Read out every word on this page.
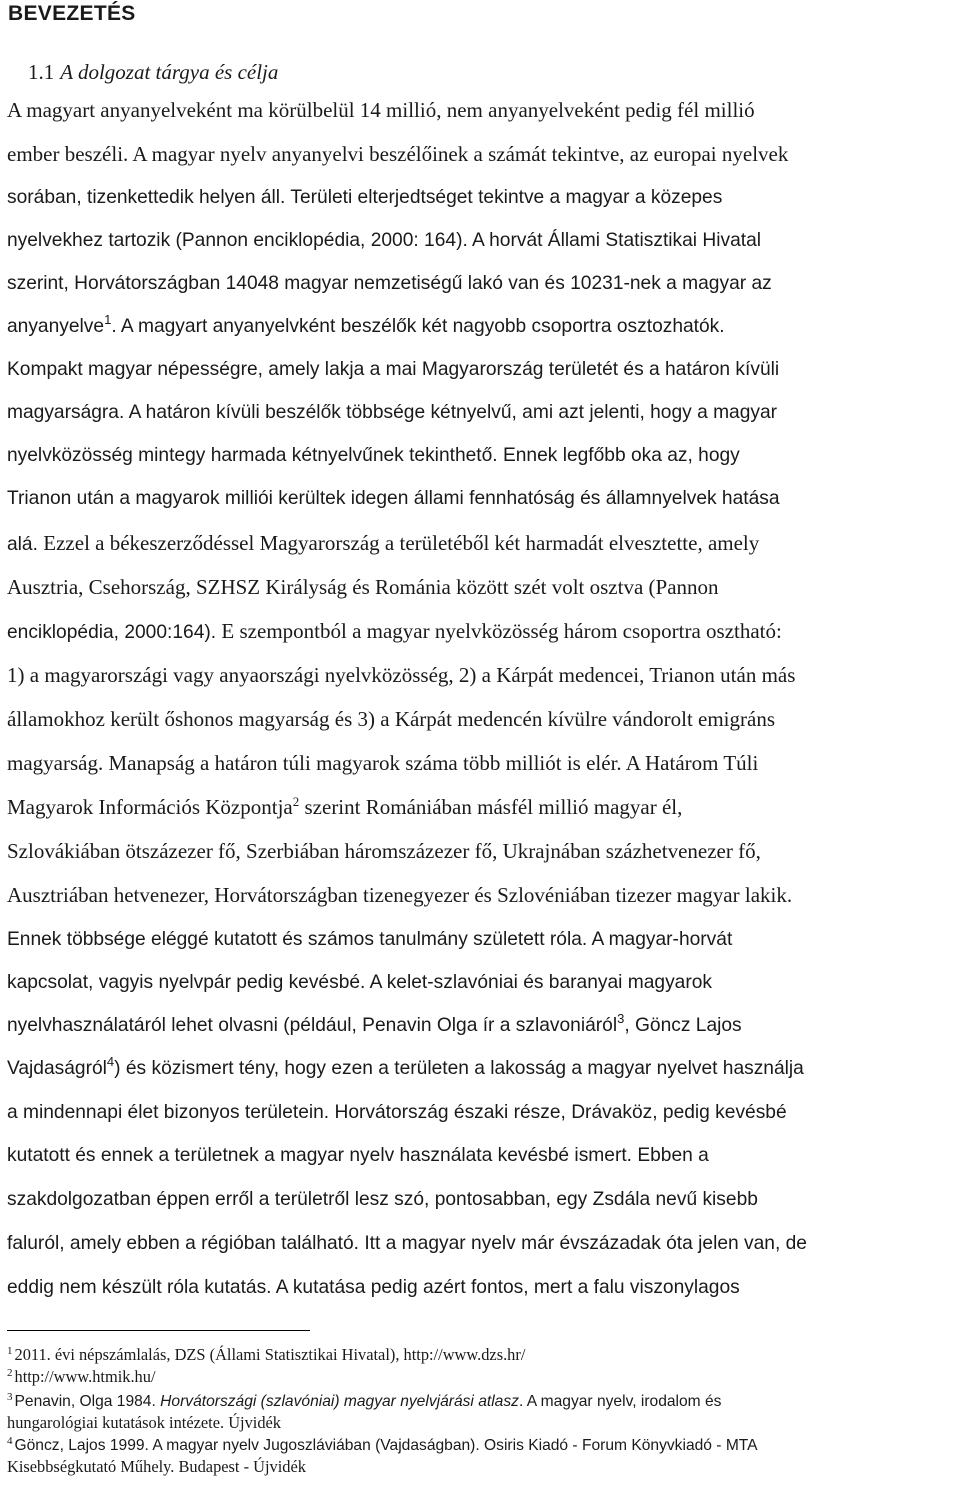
BEVEZETÉS
1.1 A dolgozat tárgya és célja
A magyart anyanyelveként ma körülbelül 14 millió, nem anyanyelveként pedig fél millió
ember beszéli. A magyar nyelv anyanyelvi beszélőinek a számát tekintve, az europai nyelvek
sorában, tizenkettedik helyen áll. Területi elterjedtséget tekintve a magyar a közepes
nyelvekhez tartozik (Pannon enciklopédia, 2000: 164). A horvát Állami Statisztikai Hivatal
szerint, Horvátországban 14048 magyar nemzetiségű lakó van és 10231-nek a magyar az
anyanyelve$^1$. A magyart anyanyelvként beszélők két nagyobb csoportra osztozhatók.
Kompakt magyar népességre, amely lakja a mai Magyarország területét és a határon kívüli
magyarságra. A határon kívüli beszélők többsége kétnyelvű, ami azt jelenti, hogy a magyar
nyelvközösség mintegy harmada kétnyelvűnek tekinthető. Ennek legfőbb oka az, hogy
Trianon után a magyarok milliói kerültek idegen állami fennhatóság és államnyelvek hatása
alá. Ezzel a békeszerződéssel Magyarország a területéből két harmadát elvesztette, amely
Ausztria, Csehország, SZHSZ Királyság és Románia között szét volt osztva (Pannon
enciklopédia, 2000:164). E szempontból a magyar nyelvközösség három csoportra osztható:
1) a magyarországi vagy anyaországi nyelvközösség, 2) a Kárpát medencei, Trianon után más
államokhoz került őshonos magyarság és 3) a Kárpát medencén kívülre vándorolt emigráns
magyarság. Manapság a határon túli magyarok száma több milliót is elér. A Határom Túli
Magyarok Információs Központja$^2$ szerint Romániában másfél millió magyar él,
Szlovákiában ötszázezer fő, Szerbiában háromszázezer fő, Ukrajnában százhetvenezer fő,
Ausztriában hetvenezer, Horvátországban tizenegyezer és Szlovéniában tizezer magyar lakik.
Ennek többsége eléggé kutatott és számos tanulmány született róla. A magyar-horvát
kapcsolat, vagyis nyelvpár pedig kevésbé. A kelet-szlavóniai és baranyai magyarok
nyelvhasználatáról lehet olvasni (például, Penavin Olga ír a szlavoniáról$^3$, Göncz Lajos
Vajdaságról$^4$) és közismert tény, hogy ezen a területen a lakosság a magyar nyelvet használja
a mindennapi élet bizonyos területein. Horvátország északi része, Drávaköz, pedig kevésbé
kutatott és ennek a területnek a magyar nyelv használata kevésbé ismert. Ebben a
szakdolgozatban éppen erről a területről lesz szó, pontosabban, egy Zsdála nevű kisebb
faluról, amely ebben a régióban található. Itt a magyar nyelv már évszázadak óta jelen van, de
eddig nem készült róla kutatás. A kutatása pedig azért fontos, mert a falu viszonylagos
$^1$ 2011. évi népszámlalás, DZS (Állami Statisztikai Hivatal), http://www.dzs.hr/
$^2$ http://www.htmik.hu/
$^3$ Penavin, Olga 1984. Horvátországi (szlavóniai) magyar nyelvjárási atlasz. A magyar nyelv, irodalom és
hungarológiai kutatások intézete. Újvidék
$^4$ Göncz, Lajos 1999. A magyar nyelv Jugoszláviában (Vajdaságban). Osiris Kiadó - Forum Könyvkiadó - MTA
Kisebbségkutató Műhely. Budapest - Újvidék
